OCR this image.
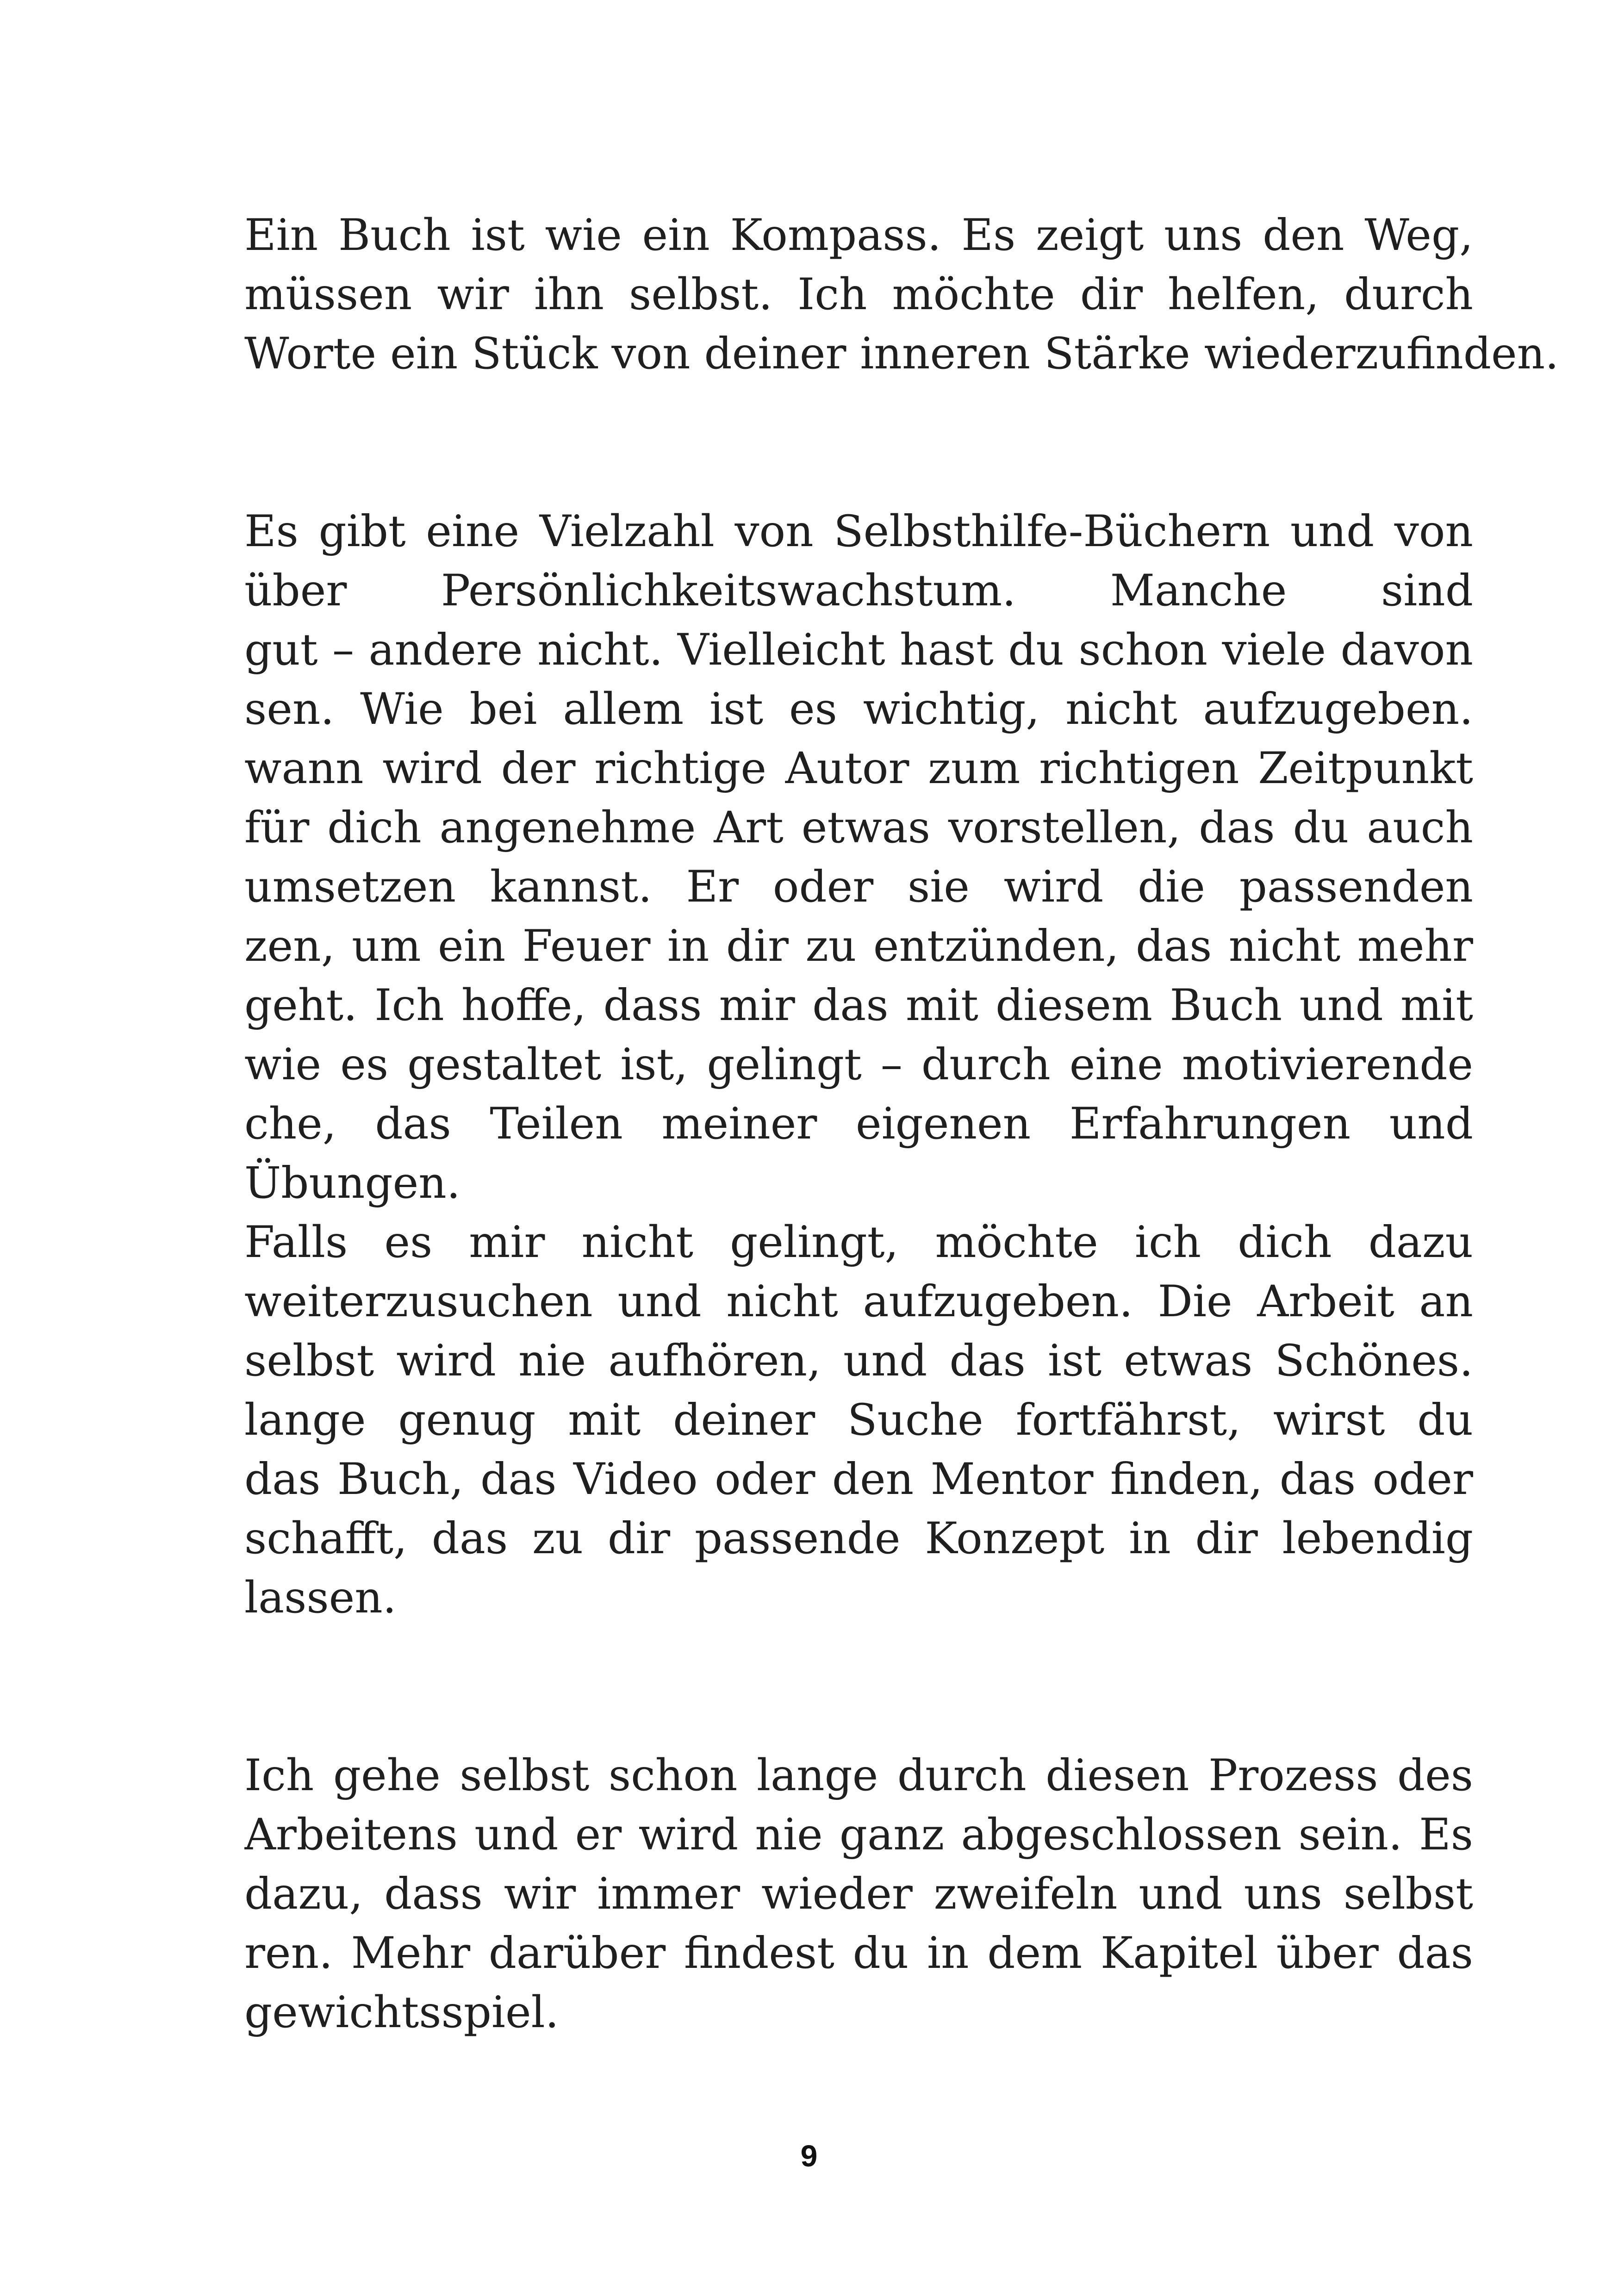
Ein Buch ist wie ein Kompass. Es zeigt uns den Weg,
müssen wir ihn selbst. Ich möchte dir helfen, durch
Worte ein Stück von deiner inneren Stärke wiederzufinden.

Es gibt eine Vielzahl von Selbsthilfe-Büchern und von
über Persönlichkeitswachstum. Manche sind
gut – andere nicht. Vielleicht hast du schon viele davon
sen. Wie bei allem ist es wichtig, nicht aufzugeben.
wann wird der richtige Autor zum richtigen Zeitpunkt
für dich angenehme Art etwas vorstellen, das du auch
umsetzen kannst. Er oder sie wird die passenden
zen, um ein Feuer in dir zu entzünden, das nicht mehr
geht. Ich hoffe, dass mir das mit diesem Buch und mit
wie es gestaltet ist, gelingt – durch eine motivierende
che, das Teilen meiner eigenen Erfahrungen und
Übungen.

Falls es mir nicht gelingt, möchte ich dich dazu
weiterzusuchen und nicht aufzugeben. Die Arbeit an
selbst wird nie aufhören, und das ist etwas Schönes.
lange genug mit deiner Suche fortfährst, wirst du
das Buch, das Video oder den Mentor finden, das oder
schafft, das zu dir passende Konzept in dir lebendig
lassen.

Ich gehe selbst schon lange durch diesen Prozess des
Arbeitens und er wird nie ganz abgeschlossen sein. Es
dazu, dass wir immer wieder zweifeln und uns selbst
ren. Mehr darüber findest du in dem Kapitel über das
gewichtsspiel.

9
